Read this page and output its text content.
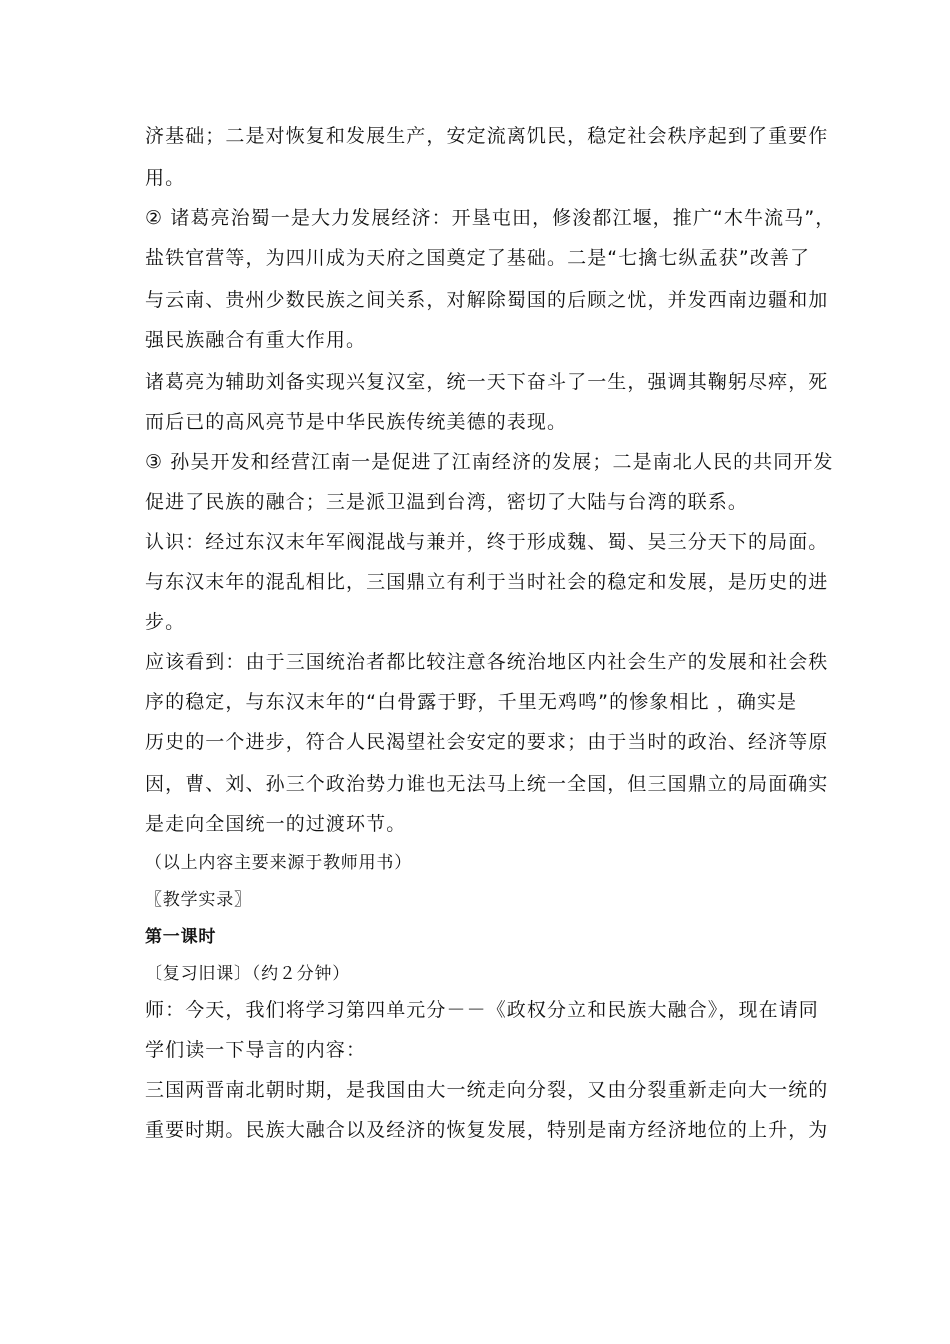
济基础；二是对恢复和发展生产，安定流离饥民，稳定社会秩序起到了重要作
用。
② 诸葛亮治蜀一是大力发展经济：开垦屯田，修浚都江堰，推广“木牛流马”，
盐铁官营等，为四川成为天府之国奠定了基础。二是“七擒七纵孟获”改善了
与云南、贵州少数民族之间关系，对解除蜀国的后顾之忧，并发西南边疆和加
强民族融合有重大作用。
诸葛亮为辅助刘备实现兴复汉室，统一天下奋斗了一生，强调其鞠躬尽瘁，死
而后已的高风亮节是中华民族传统美德的表现。
③ 孙吴开发和经营江南一是促进了江南经济的发展；二是南北人民的共同开发
促进了民族的融合；三是派卫温到台湾，密切了大陆与台湾的联系。
认识：经过东汉末年军阀混战与兼并，终于形成魏、蜀、吴三分天下的局面。
与东汉末年的混乱相比，三国鼎立有利于当时社会的稳定和发展，是历史的进
步。
应该看到：由于三国统治者都比较注意各统治地区内社会生产的发展和社会秩
序的稳定，与东汉末年的“白骨露于野，千里无鸡鸣”的惨象相比 ，确实是
历史的一个进步，符合人民渴望社会安定的要求；由于当时的政治、经济等原
因，曹、刘、孙三个政治势力谁也无法马上统一全国，但三国鼎立的局面确实
是走向全国统一的过渡环节。
（以上内容主要来源于教师用书）
〖教学实录〗
第一课时
〔复习旧课〕（约２分钟）
师：今天，我们将学习第四单元分－－《政权分立和民族大融合》，现在请同
学们读一下导言的内容：
三国两晋南北朝时期，是我国由大一统走向分裂，又由分裂重新走向大一统的
重要时期。民族大融合以及经济的恢复发展，特别是南方经济地位的上升，为
